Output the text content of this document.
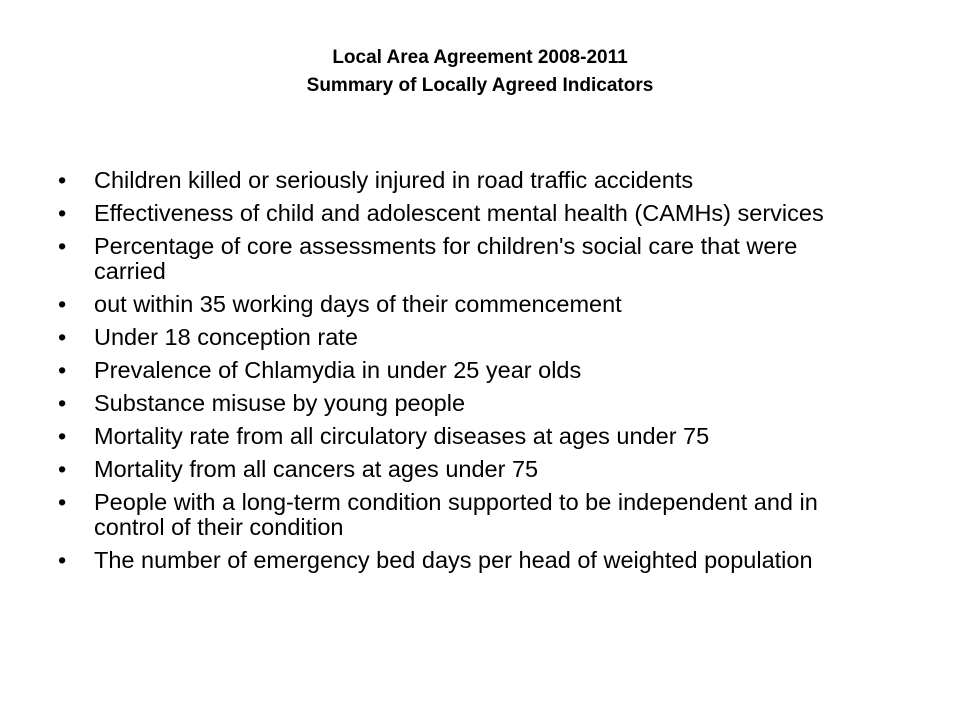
Local Area Agreement 2008-2011
Summary of Locally Agreed Indicators
•	Children killed or seriously injured in road traffic accidents
•	Effectiveness of child and adolescent mental health (CAMHs) services
•	Percentage of core assessments for children's social care that were carried
•	out within 35 working days of their commencement
•	Under 18 conception rate
•	Prevalence of Chlamydia in under 25 year olds
•	Substance misuse by young people
•	Mortality rate from all circulatory diseases at ages under 75
•	Mortality from all cancers at ages under 75
•	People with a long-term condition supported to be independent and in control of their condition
•	The number of emergency bed days per head of weighted population
